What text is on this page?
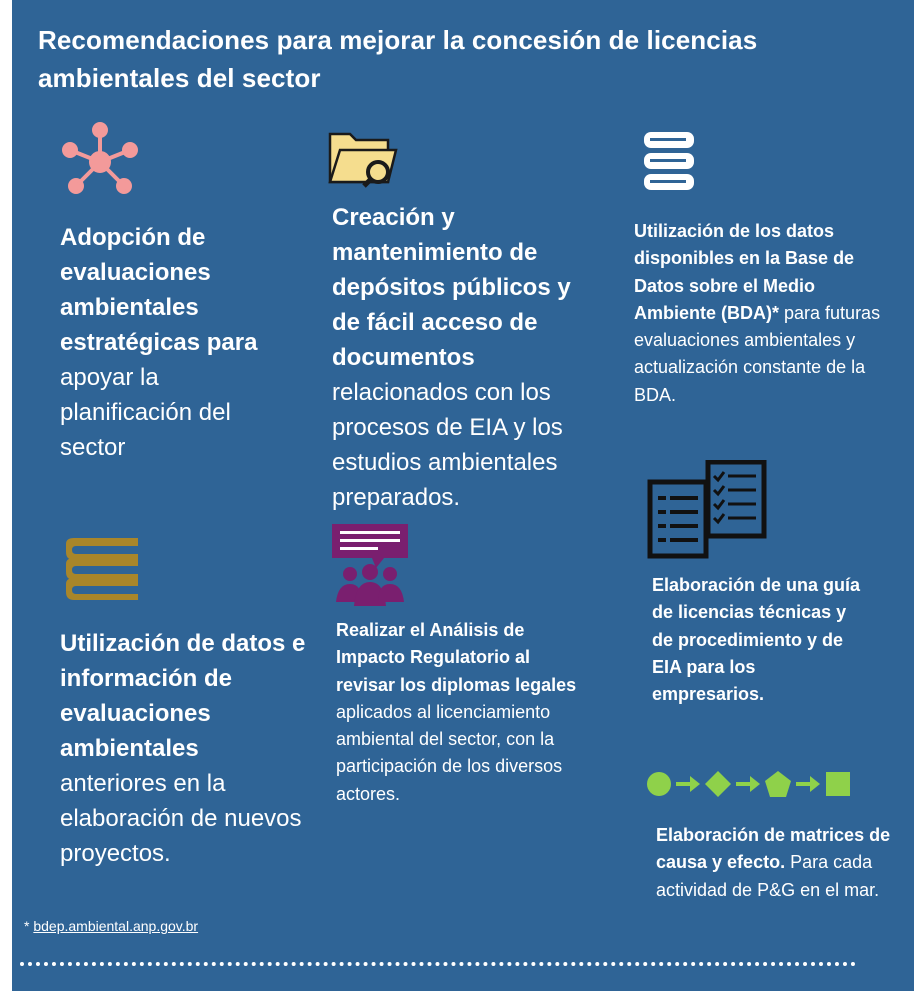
Recomendaciones para mejorar la concesión de licencias ambientales del sector
Adopción de evaluaciones ambientales estratégicas para apoyar la planificación del sector
Creación y mantenimiento de depósitos públicos y de fácil acceso de documentos relacionados con los procesos de EIA y los estudios ambientales preparados.
Utilización de los datos disponibles en la Base de Datos sobre el Medio Ambiente (BDA)* para futuras evaluaciones ambientales y actualización constante de la BDA.
Utilización de datos e información de evaluaciones ambientales anteriores en la elaboración de nuevos proyectos.
Realizar el Análisis de Impacto Regulatorio al revisar los diplomas legales aplicados al licenciamiento ambiental del sector, con la participación de los diversos actores.
Elaboración de una guía de licencias técnicas y de procedimiento y de EIA para los empresarios.
Elaboración de matrices de causa y efecto. Para cada actividad de P&G en el mar.
* bdep.ambiental.anp.gov.br
